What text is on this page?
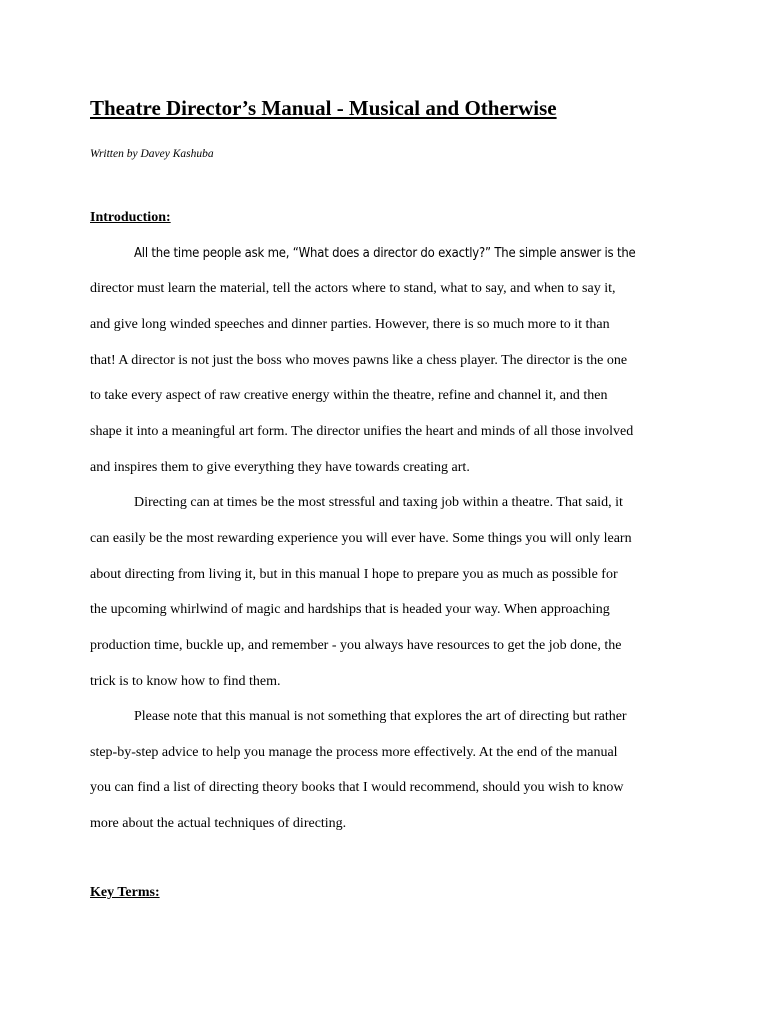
Theatre Director’s Manual - Musical and Otherwise

Written by Davey Kashuba

Introduction:

All the time people ask me, “What does a director do exactly?” The simple answer is the

director must learn the material, tell the actors where to stand, what to say, and when to say it,

and give long winded speeches and dinner parties. However, there is so much more to it than

that! A director is not just the boss who moves pawns like a chess player. The director is the one

to take every aspect of raw creative energy within the theatre, refine and channel it, and then

shape it into a meaningful art form. The director unifies the heart and minds of all those involved

and inspires them to give everything they have towards creating art.

Directing can at times be the most stressful and taxing job within a theatre. That said, it

can easily be the most rewarding experience you will ever have. Some things you will only learn

about directing from living it, but in this manual I hope to prepare you as much as possible for

the upcoming whirlwind of magic and hardships that is headed your way. When approaching

production time, buckle up, and remember - you always have resources to get the job done, the

trick is to know how to find them.

Please note that this manual is not something that explores the art of directing but rather

step-by-step advice to help you manage the process more effectively. At the end of the manual

you can find a list of directing theory books that I would recommend, should you wish to know

more about the actual techniques of directing.

Key Terms:
